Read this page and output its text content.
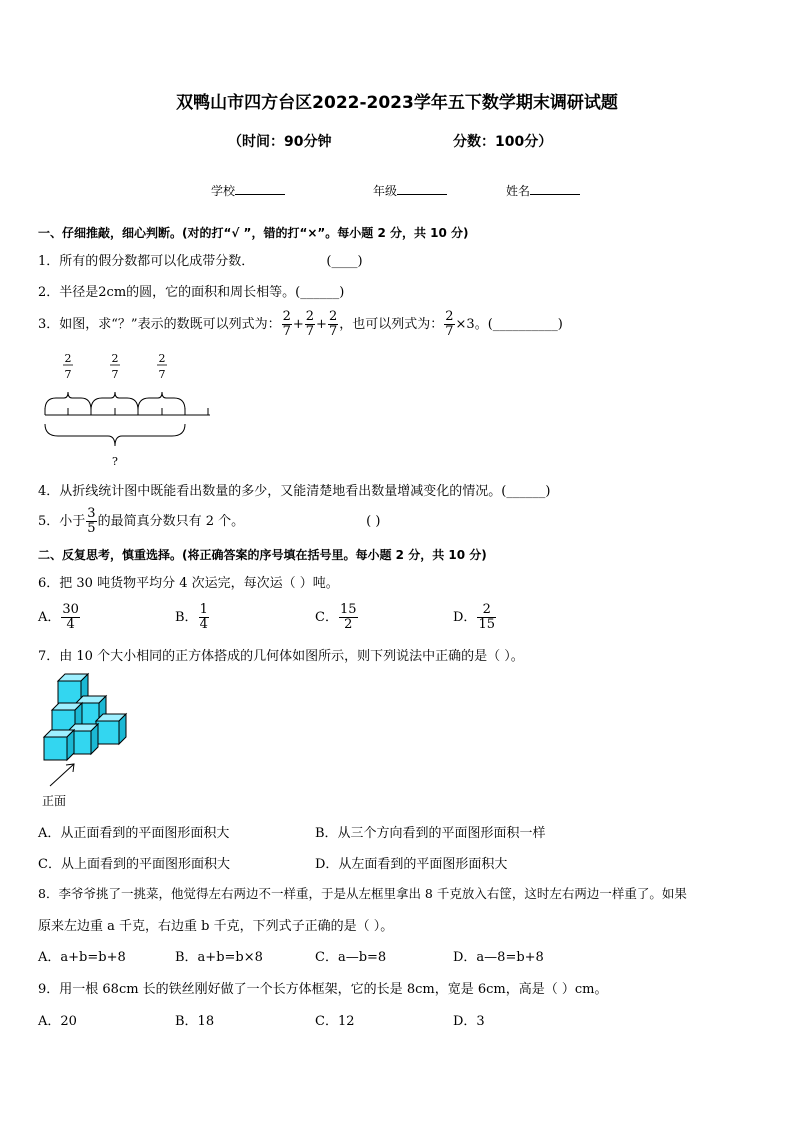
双鸭山市四方台区2022-2023学年五下数学期末调研试题
（时间：90分钟	分数：100分）
学校	年级	姓名
一、仔细推敲，细心判断。(对的打“√ ”，错的打“×”。每小题 2 分，共 10 分)
1．所有的假分数都可以化成带分数．	(____)
2．半径是2cm的圆，它的面积和周长相等。(______)
3．如图，求“？”表示的数既可以列式为： $\frac{2}{7} + \frac{2}{7} + \frac{2}{7}$ ，也可以列式为： $\frac{2}{7} \times 3$。(__________)
2
7
2
7
2
7
?
4．从折线统计图中既能看出数量的多少，又能清楚地看出数量增减变化的情况。(______)
5．小于 $\frac{3}{5}$ 的最简真分数只有 2 个。	( )
二、反复思考，慎重选择。(将正确答案的序号填在括号里。每小题 2 分，共 10 分)
6．把 30 吨货物平均分 4 次运完，每次运（ ）吨。
A． $\frac{30}{4}$	B． $\frac{1}{4}$	C． $\frac{15}{2}$	D． $\frac{2}{15}$
7．由 10 个大小相同的正方体搭成的几何体如图所示，则下列说法中正确的是（ ）。
正面
A．从正面看到的平面图形面积大	B．从三个方向看到的平面图形面积一样
C．从上面看到的平面图形面积大	D．从左面看到的平面图形面积大
8．李爷爷挑了一挑菜，他觉得左右两边不一样重，于是从左框里拿出 8 千克放入右筐，这时左右两边一样重了。如果
原来左边重 a 千克，右边重 b 千克，下列式子正确的是（ ）。
A．a+b=b+8	B．a+b=b×8	C．a—b=8	D．a—8=b+8
9．用一根 68cm 长的铁丝刚好做了一个长方体框架，它的长是 8cm，宽是 6cm，高是（ ）cm。
A．20	B．18	C．12	D．3
